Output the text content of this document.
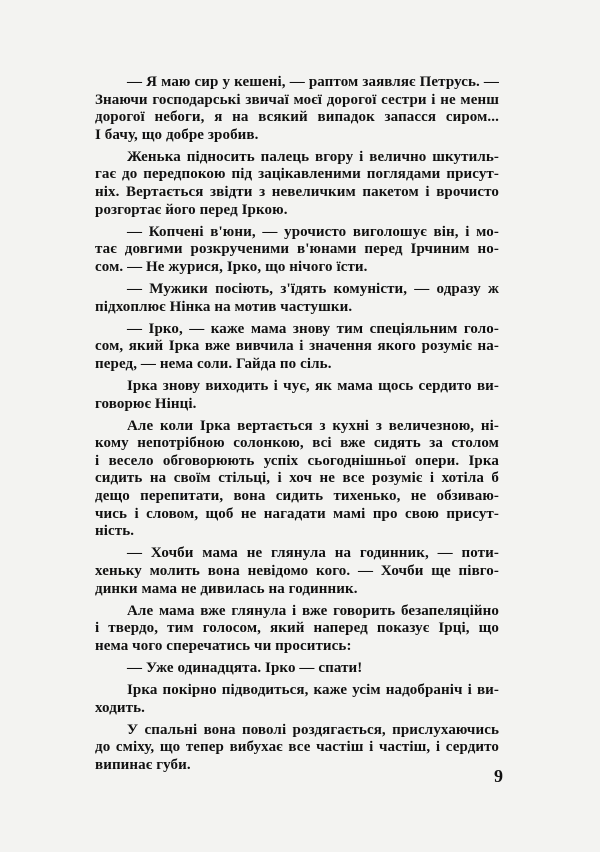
— Я маю сир у кешені, — раптом заявляє Петрусь. —
Знаючи господарські звичаї моєї дорогої сестри і не менш
дорогої небоги, я на всякий випадок запасся сиром...
І бачу, що добре зробив.
Женька підносить палець вгору і велично шкутиль-
гає до передпокою під зацікавленими поглядами присут-
ніх. Вертається звідти з невеличким пакетом і врочисто
розгортає його перед Іркою.
— Копчені в'юни, — урочисто виголошує він, і мо-
тає довгими розкрученими в'юнами перед Ірчиним но-
сом. — Не журися, Ірко, що нічого їсти.
— Мужики посіють, з'їдять комуністи, — одразу ж
підхоплює Нінка на мотив частушки.
— Ірко, — каже мама знову тим спеціяльним голо-
сом, який Ірка вже вивчила і значення якого розуміє на-
перед, — нема соли. Гайда по сіль.
Ірка знову виходить і чує, як мама щось сердито ви-
говорює Нінці.
Але коли Ірка вертається з кухні з величезною, ні-
кому непотрібною солонкою, всі вже сидять за столом
і весело обговорюють успіх сьогоднішньої опери. Ірка
сидить на своїм стільці, і хоч не все розуміє і хотіла б
дещо перепитати, вона сидить тихенько, не обзиваю-
чись і словом, щоб не нагадати мамі про свою присут-
ність.
— Хочби мама не глянула на годинник, — поти-
хеньку молить вона невідомо кого. — Хочби ще півго-
динки мама не дивилась на годинник.
Але мама вже глянула і вже говорить безапеляційно
і твердо, тим голосом, який наперед показує Ірці, що
нема чого сперечатись чи проситись:
— Уже одинадцята. Ірко — спати!
Ірка покірно підводиться, каже усім надобраніч і ви-
ходить.
У спальні вона поволі роздягається, прислухаючись
до сміху, що тепер вибухає все частіш і частіш, і сердито
випинає губи.
9
